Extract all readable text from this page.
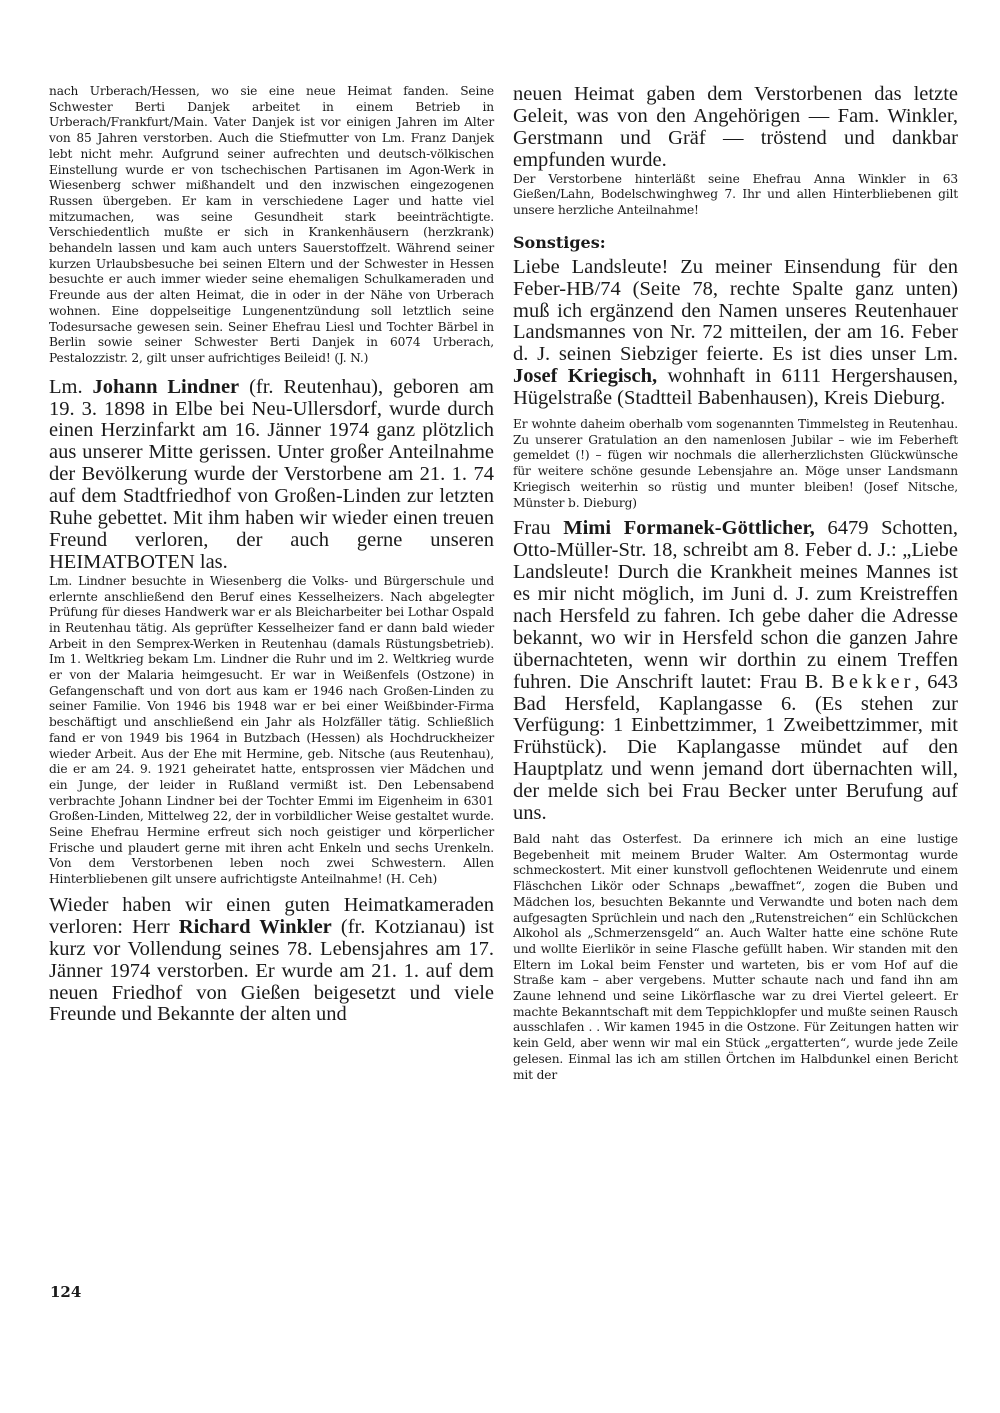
nach Urberach/Hessen, wo sie eine neue Heimat fanden. Seine Schwester Berti Danjek arbeitet in einem Betrieb in Urberach/Frankfurt/Main. Vater Danjek ist vor einigen Jahren im Alter von 85 Jahren verstorben. Auch die Stiefmutter von Lm. Franz Danjek lebt nicht mehr. Aufgrund seiner aufrechten und deutsch-völkischen Einstellung wurde er von tschechischen Partisanen im Agon-Werk in Wiesenberg schwer mißhandelt und den inzwischen eingezogenen Russen übergeben. Er kam in verschiedene Lager und hatte viel mitzumachen, was seine Gesundheit stark beeinträchtigte. Verschiedentlich mußte er sich in Krankenhäusern (herzkrank) behandeln lassen und kam auch unters Sauerstoffzelt. Während seiner kurzen Urlaubsbesuche bei seinen Eltern und der Schwester in Hessen besuchte er auch immer wieder seine ehemaligen Schulkameraden und Freunde aus der alten Heimat, die in oder in der Nähe von Urberach wohnen. Eine doppelseitige Lungenentzündung soll letztlich seine Todesursache gewesen sein. Seiner Ehefrau Liesl und Tochter Bärbel in Berlin sowie seiner Schwester Berti Danjek in 6074 Urberach, Pestalozzistr. 2, gilt unser aufrichtiges Beileid! (J. N.)

Lm. Johann Lindner (fr. Reutenhau), geboren am 19. 3. 1898 in Elbe bei Neu-Ullersdorf, wurde durch einen Herzinfarkt am 16. Jänner 1974 ganz plötzlich aus unserer Mitte gerissen. Unter großer Anteilnahme der Bevölkerung wurde der Verstorbene am 21. 1. 74 auf dem Stadtfriedhof von Großen-Linden zur letzten Ruhe gebettet. Mit ihm haben wir wieder einen treuen Freund verloren, der auch gerne unseren HEIMATBOTEN las.

Lm. Lindner besuchte in Wiesenberg die Volks- und Bürgerschule und erlernte anschließend den Beruf eines Kesselheizers. Nach abgelegter Prüfung für dieses Handwerk war er als Bleicharbeiter bei Lothar Ospald in Reutenhau tätig. Als geprüfter Kesselheizer fand er dann bald wieder Arbeit in den Semprex-Werken in Reutenhau (damals Rüstungsbetrieb). Im 1. Weltkrieg bekam Lm. Lindner die Ruhr und im 2. Weltkrieg wurde er von der Malaria heimgesucht. Er war in Weißenfels (Ostzone) in Gefangenschaft und von dort aus kam er 1946 nach Großen-Linden zu seiner Familie. Von 1946 bis 1948 war er bei einer Weißbinder-Firma beschäftigt und anschließend ein Jahr als Holzfäller tätig. Schließlich fand er von 1949 bis 1964 in Butzbach (Hessen) als Hochdruckheizer wieder Arbeit. Aus der Ehe mit Hermine, geb. Nitsche (aus Reutenhau), die er am 24. 9. 1921 geheiratet hatte, entsprossen vier Mädchen und ein Junge, der leider in Rußland vermißt ist. Den Lebensabend verbrachte Johann Lindner bei der Tochter Emmi im Eigenheim in 6301 Großen-Linden, Mittelweg 22, der in vorbildlicher Weise gestaltet wurde. Seine Ehefrau Hermine erfreut sich noch geistiger und körperlicher Frische und plaudert gerne mit ihren acht Enkeln und sechs Urenkeln. Von dem Verstorbenen leben noch zwei Schwestern. Allen Hinterbliebenen gilt unsere aufrichtigste Anteilnahme! (H. Ceh)

Wieder haben wir einen guten Heimatkameraden verloren: Herr Richard Winkler (fr. Kotzianau) ist kurz vor Vollendung seines 78. Lebensjahres am 17. Jänner 1974 verstorben. Er wurde am 21. 1. auf dem neuen Friedhof von Gießen beigesetzt und viele Freunde und Bekannte der alten und

neuen Heimat gaben dem Verstorbenen das letzte Geleit, was von den Angehörigen — Fam. Winkler, Gerstmann und Gräf — tröstend und dankbar empfunden wurde.

Der Verstorbene hinterläßt seine Ehefrau Anna Winkler in 63 Gießen/Lahn, Bodelschwinghweg 7. Ihr und allen Hinterbliebenen gilt unsere herzliche Anteilnahme!

Sonstiges:

Liebe Landsleute! Zu meiner Einsendung für den Feber-HB/74 (Seite 78, rechte Spalte ganz unten) muß ich ergänzend den Namen unseres Reutenhauer Landsmannes von Nr. 72 mitteilen, der am 16. Feber d. J. seinen Siebziger feierte. Es ist dies unser Lm. Josef Kriegisch, wohnhaft in 6111 Hergershausen, Hügelstraße (Stadtteil Babenhausen), Kreis Dieburg.

Er wohnte daheim oberhalb vom sogenannten Timmelsteg in Reutenhau. Zu unserer Gratulation an den namenlosen Jubilar – wie im Feberheft gemeldet (!) – fügen wir nochmals die allerherzlichsten Glückwünsche für weitere schöne gesunde Lebensjahre an. Möge unser Landsmann Kriegisch weiterhin so rüstig und munter bleiben! (Josef Nitsche, Münster b. Dieburg)

Frau Mimi Formanek-Göttlicher, 6479 Schotten, Otto-Müller-Str. 18, schreibt am 8. Feber d. J.: „Liebe Landsleute! Durch die Krankheit meines Mannes ist es mir nicht möglich, im Juni d. J. zum Kreistreffen nach Hersfeld zu fahren. Ich gebe daher die Adresse bekannt, wo wir in Hersfeld schon die ganzen Jahre übernachteten, wenn wir dorthin zu einem Treffen fuhren. Die Anschrift lautet: Frau B. Bekker, 643 Bad Hersfeld, Kaplangasse 6. (Es stehen zur Verfügung: 1 Einbettzimmer, 1 Zweibettzimmer, mit Frühstück). Die Kaplangasse mündet auf den Hauptplatz und wenn jemand dort übernachten will, der melde sich bei Frau Becker unter Berufung auf uns.

Bald naht das Osterfest. Da erinnere ich mich an eine lustige Begebenheit mit meinem Bruder Walter. Am Ostermontag wurde schmeckostert. Mit einer kunstvoll geflochtenen Weidenrute und einem Fläschchen Likör oder Schnaps „bewaffnet“, zogen die Buben und Mädchen los, besuchten Bekannte und Verwandte und boten nach dem aufgesagten Sprüchlein und nach den „Rutenstreichen“ ein Schlückchen Alkohol als „Schmerzensgeld“ an. Auch Walter hatte eine schöne Rute und wollte Eierlikör in seine Flasche gefüllt haben. Wir standen mit den Eltern im Lokal beim Fenster und warteten, bis er vom Hof auf die Straße kam – aber vergebens. Mutter schaute nach und fand ihn am Zaune lehnend und seine Likörflasche war zu drei Viertel geleert. Er machte Bekanntschaft mit dem Teppichklopfer und mußte seinen Rausch ausschlafen . . Wir kamen 1945 in die Ostzone. Für Zeitungen hatten wir kein Geld, aber wenn wir mal ein Stück „ergatterten“, wurde jede Zeile gelesen. Einmal las ich am stillen Örtchen im Halbdunkel einen Bericht mit der

124
